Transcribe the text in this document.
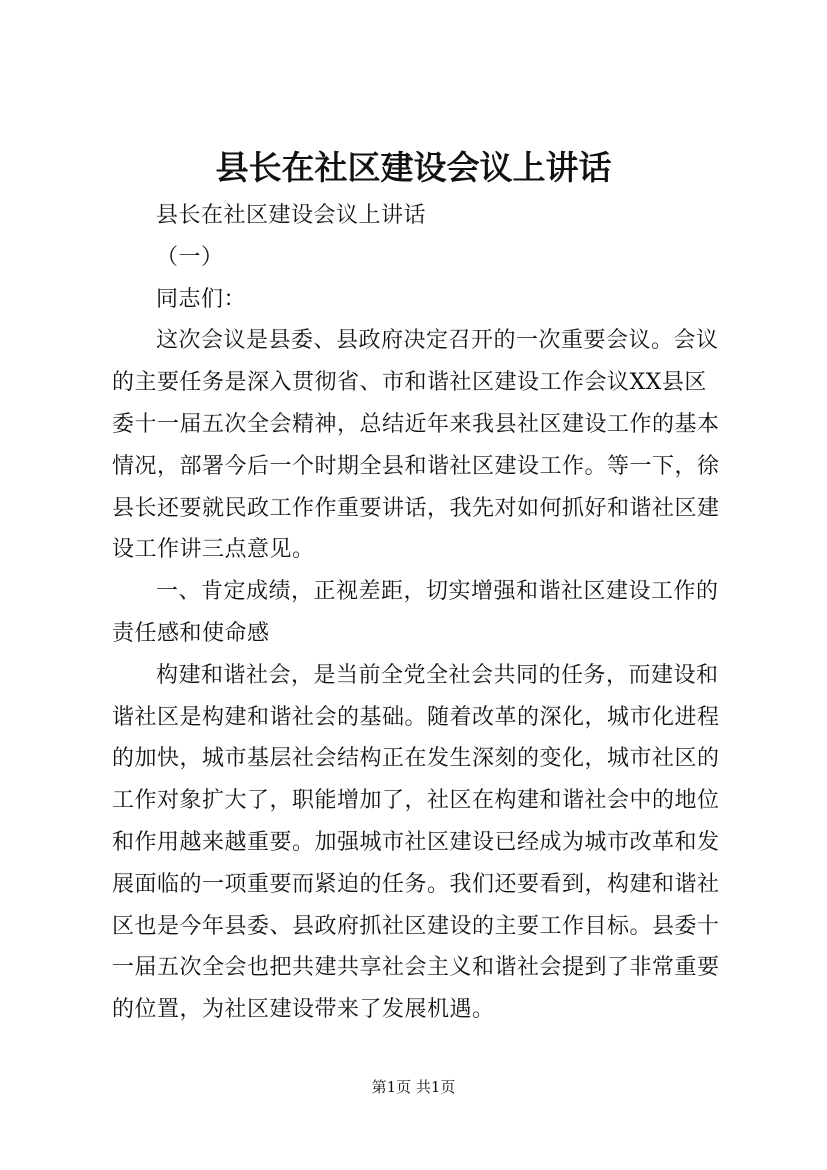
县长在社区建设会议上讲话

县长在社区建设会议上讲话

（一）

同志们：

这次会议是县委、县政府决定召开的一次重要会议。会议的主要任务是深入贯彻省、市和谐社区建设工作会议XX县区委十一届五次全会精神，总结近年来我县社区建设工作的基本情况，部署今后一个时期全县和谐社区建设工作。等一下，徐县长还要就民政工作作重要讲话，我先对如何抓好和谐社区建设工作讲三点意见。

一、肯定成绩，正视差距，切实增强和谐社区建设工作的责任感和使命感

构建和谐社会，是当前全党全社会共同的任务，而建设和谐社区是构建和谐社会的基础。随着改革的深化，城市化进程的加快，城市基层社会结构正在发生深刻的变化，城市社区的工作对象扩大了，职能增加了，社区在构建和谐社会中的地位和作用越来越重要。加强城市社区建设已经成为城市改革和发展面临的一项重要而紧迫的任务。我们还要看到，构建和谐社区也是今年县委、县政府抓社区建设的主要工作目标。县委十一届五次全会也把共建共享社会主义和谐社会提到了非常重要的位置，为社区建设带来了发展机遇。

第1页 共1页
